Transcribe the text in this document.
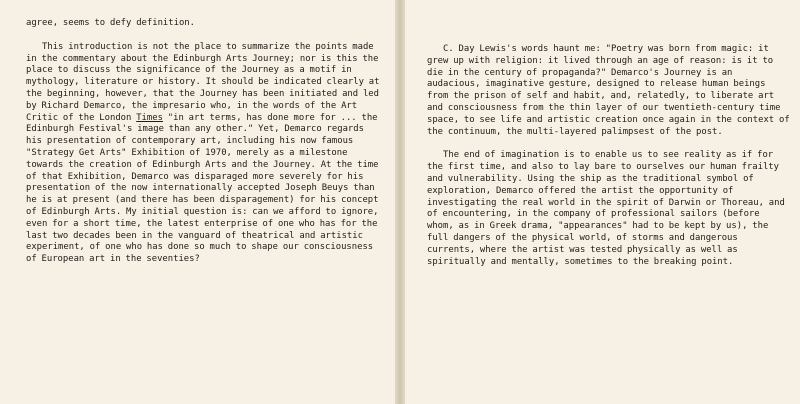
agree, seems to defy definition.

This introduction is not the place to summarize the points made in the commentary about the Edinburgh Arts Journey; nor is this the place to discuss the significance of the Journey as a motif in mythology, literature or history. It should be indicated clearly at the beginning, however, that the Journey has been initiated and led by Richard Demarco, the impresario who, in the words of the Art Critic of the London Times "in art terms, has done more for ... the Edinburgh Festival's image than any other." Yet, Demarco regards his presentation of contemporary art, including his now famous "Strategy Get Arts" Exhibition of 1970, merely as a milestone towards the creation of Edinburgh Arts and the Journey. At the time of that Exhibition, Demarco was disparaged more severely for his presentation of the now internationally accepted Joseph Beuys than he is at present (and there has been disparagement) for his concept of Edinburgh Arts. My initial question is: can we afford to ignore, even for a short time, the latest enterprise of one who has for the last two decades been in the vanguard of theatrical and artistic experiment, of one who has done so much to shape our consciousness of European art in the seventies?

C. Day Lewis's words haunt me: "Poetry was born from magic: it grew up with religion: it lived through an age of reason: is it to die in the century of propaganda?" Demarco's Journey is an audacious, imaginative gesture, designed to release human beings from the prison of self and habit, and, relatedly, to liberate art and consciousness from the thin layer of our twentieth-century time space, to see life and artistic creation once again in the context of the continuum, the multi-layered palimpsest of the post.

The end of imagination is to enable us to see reality as if for the first time, and also to lay bare to ourselves our human frailty and vulnerability. Using the ship as the traditional symbol of exploration, Demarco offered the artist the opportunity of investigating the real world in the spirit of Darwin or Thoreau, and of encountering, in the company of professional sailors (before whom, as in Greek drama, "appearances" had to be kept by us), the full dangers of the physical world, of storms and dangerous currents, where the artist was tested physically as well as spiritually and mentally, sometimes to the breaking point.
